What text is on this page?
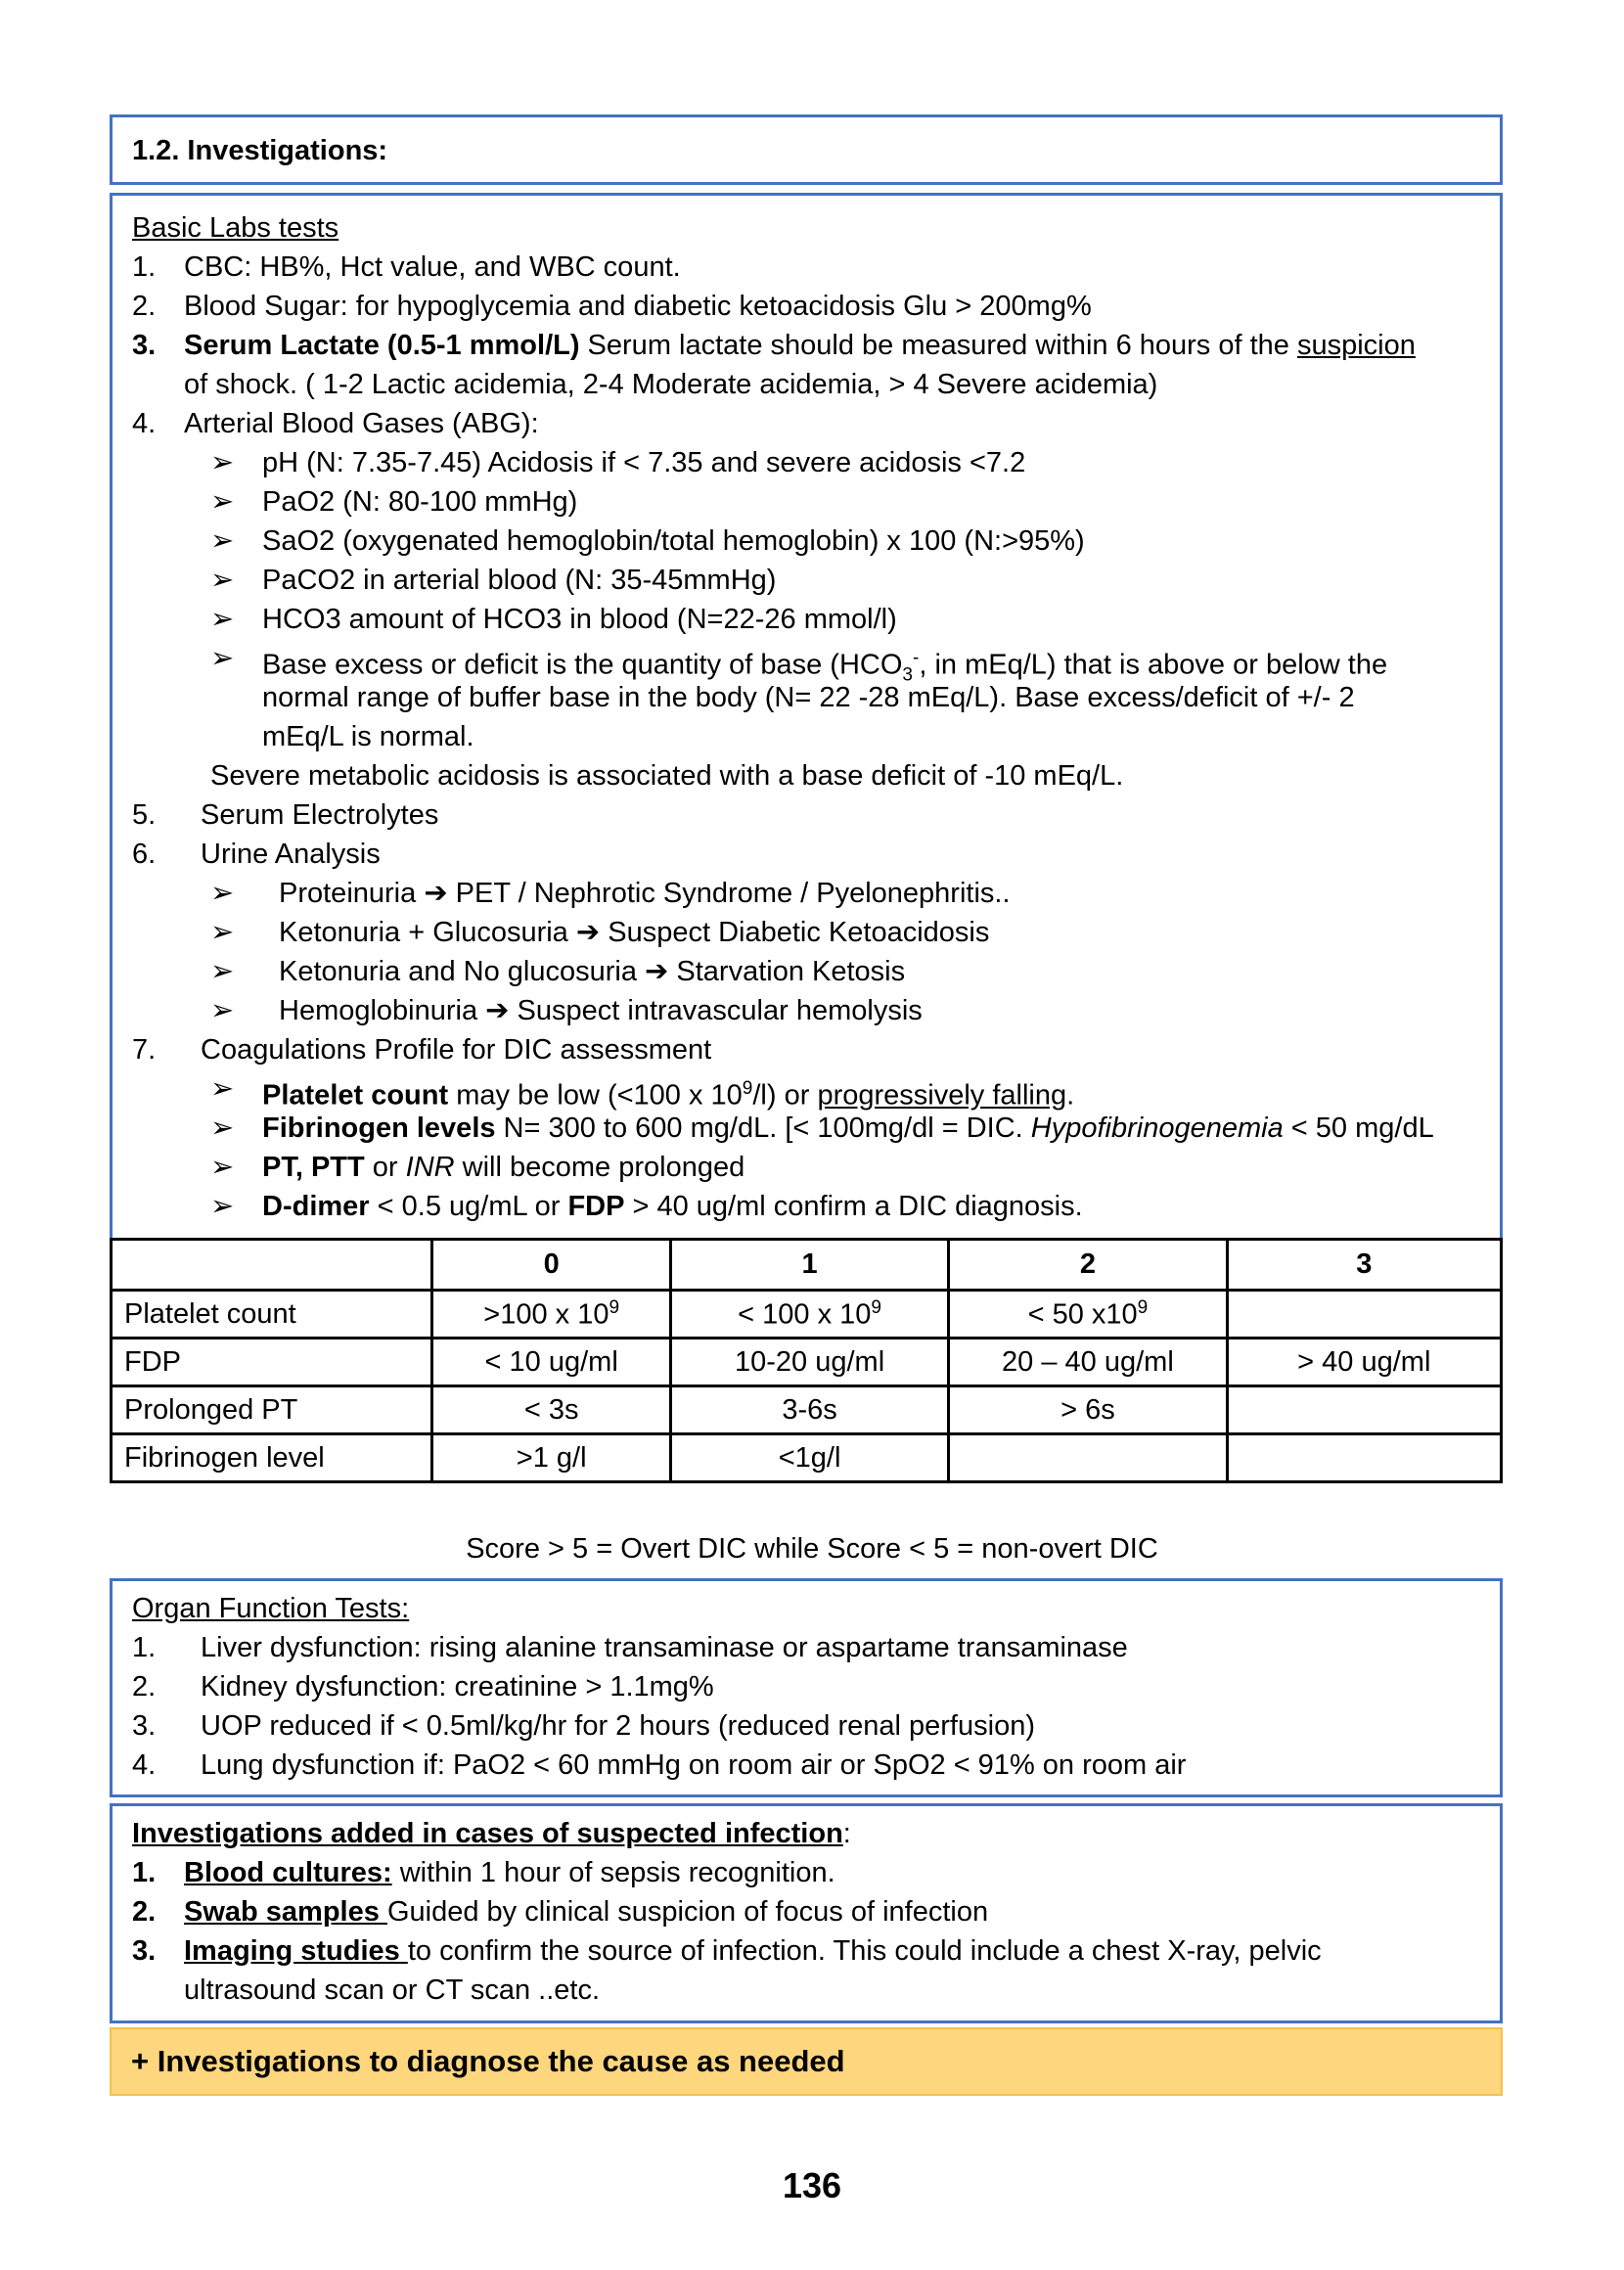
1.2. Investigations:
Basic Labs tests
1. CBC: HB%, Hct value, and WBC count.
2. Blood Sugar: for hypoglycemia and diabetic ketoacidosis Glu > 200mg%
3. Serum Lactate (0.5-1 mmol/L) Serum lactate should be measured within 6 hours of the suspicion
of shock. ( 1-2 Lactic acidemia, 2-4 Moderate acidemia, > 4 Severe acidemia)
4. Arterial Blood Gases (ABG):
➢ pH (N: 7.35-7.45) Acidosis if < 7.35 and severe acidosis <7.2
➢ PaO2 (N: 80-100 mmHg)
➢ SaO2 (oxygenated hemoglobin/total hemoglobin) x 100 (N:>95%)
➢ PaCO2 in arterial blood (N: 35-45mmHg)
➢ HCO3 amount of HCO3 in blood (N=22-26 mmol/l)
➢ Base excess or deficit is the quantity of base ($HCO_3^-$, in mEq/L) that is above or below the
normal range of buffer base in the body (N= 22 -28 mEq/L). Base excess/deficit of +/- 2
mEq/L is normal.
Severe metabolic acidosis is associated with a base deficit of -10 mEq/L.
5. Serum Electrolytes
6. Urine Analysis
➢ Proteinuria ➔ PET / Nephrotic Syndrome / Pyelonephritis..
➢ Ketonuria + Glucosuria ➔ Suspect Diabetic Ketoacidosis
➢ Ketonuria and No glucosuria ➔ Starvation Ketosis
➢ Hemoglobinuria ➔ Suspect intravascular hemolysis
7. Coagulations Profile for DIC assessment
➢ Platelet count may be low (<100 x $10^9/l$) or progressively falling.
➢ Fibrinogen levels N= 300 to 600 mg/dL. [< 100mg/dl = DIC. Hypofibrinogenemia < 50 mg/dL
➢ PT, PTT or INR will become prolonged
➢ D-dimer < 0.5 ug/mL or FDP > 40 ug/ml confirm a DIC diagnosis.
	0	1	2	3
Platelet count	>100 x $10^9$	< 100 x $10^9$	< 50 $x10^9$	
FDP	< 10 ug/ml	10-20 ug/ml	20 – 40 ug/ml	> 40 ug/ml
Prolonged PT	< 3s	3-6s	> 6s	
Fibrinogen level	>1 g/l	<1g/l		
Score > 5 = Overt DIC while Score < 5 = non-overt DIC
Organ Function Tests:
1. Liver dysfunction: rising alanine transaminase or aspartame transaminase
2. Kidney dysfunction: creatinine > 1.1mg%
3. UOP reduced if < 0.5ml/kg/hr for 2 hours (reduced renal perfusion)
4. Lung dysfunction if: PaO2 < 60 mmHg on room air or SpO2 < 91% on room air
Investigations added in cases of suspected infection:
1. Blood cultures: within 1 hour of sepsis recognition.
2. Swab samples Guided by clinical suspicion of focus of infection
3. Imaging studies to confirm the source of infection. This could include a chest X-ray, pelvic
ultrasound scan or CT scan ..etc.
+ Investigations to diagnose the cause as needed
136
